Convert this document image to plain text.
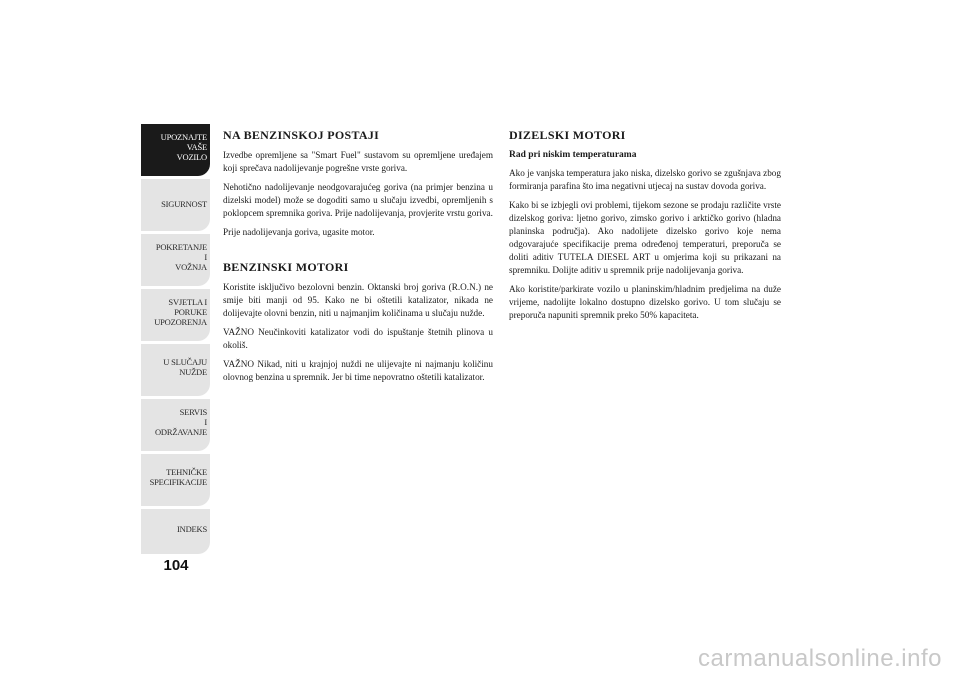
UPOZNAJTE
VAŠE
VOZILO
SIGURNOST
POKRETANJE
I
VOŽNJA
SVJETLA I
PORUKE
UPOZORENJA
U SLUČAJU
NUŽDE
SERVIS
I
ODRŽAVANJE
TEHNIČKE
SPECIFIKACIJE
INDEKS
104
NA BENZINSKOJ POSTAJI

Izvedbe opremljene sa "Smart Fuel" sustavom su opremljene uređajem koji sprečava nadolijevanje pogrešne vrste goriva.

Nehotično nadolijevanje neodgovarajućeg goriva (na primjer benzina u dizelski model) može se dogoditi samo u slučaju izvedbi, opremljenih s poklopcem spremnika goriva. Prije nadolijevanja, provjerite vrstu goriva.

Prije nadolijevanja goriva, ugasite motor.

BENZINSKI MOTORI

Koristite isključivo bezolovni benzin. Oktanski broj goriva (R.O.N.) ne smije biti manji od 95. Kako ne bi oštetili katalizator, nikada ne dolijevajte olovni benzin, niti u najmanjim količinama u slučaju nužde.

VAŽNO Neučinkoviti katalizator vodi do ispuštanje štetnih plinova u okoliš.

VAŽNO Nikad, niti u krajnjoj nuždi ne ulijevajte ni najmanju količinu olovnog benzina u spremnik. Jer bi time nepovratno oštetili katalizator.

DIZELSKI MOTORI
Rad pri niskim temperaturama

Ako je vanjska temperatura jako niska, dizelsko gorivo se zgušnjava zbog formiranja parafina što ima negativni utjecaj na sustav dovoda goriva.

Kako bi se izbjegli ovi problemi, tijekom sezone se prodaju različite vrste dizelskog goriva: ljetno gorivo, zimsko gorivo i arktičko gorivo (hladna planinska područja). Ako nadolijete dizelsko gorivo koje nema odgovarajuće specifikacije prema određenoj temperaturi, preporuča se doliti aditiv TUTELA DIESEL ART u omjerima koji su prikazani na spremniku. Dolijte aditiv u spremnik prije nadolijevanja goriva.

Ako koristite/parkirate vozilo u planinskim/hladnim predjelima na duže vrijeme, nadolijte lokalno dostupno dizelsko gorivo. U tom slučaju se preporuča napuniti spremnik preko 50% kapaciteta.

carmanualsonline.info
